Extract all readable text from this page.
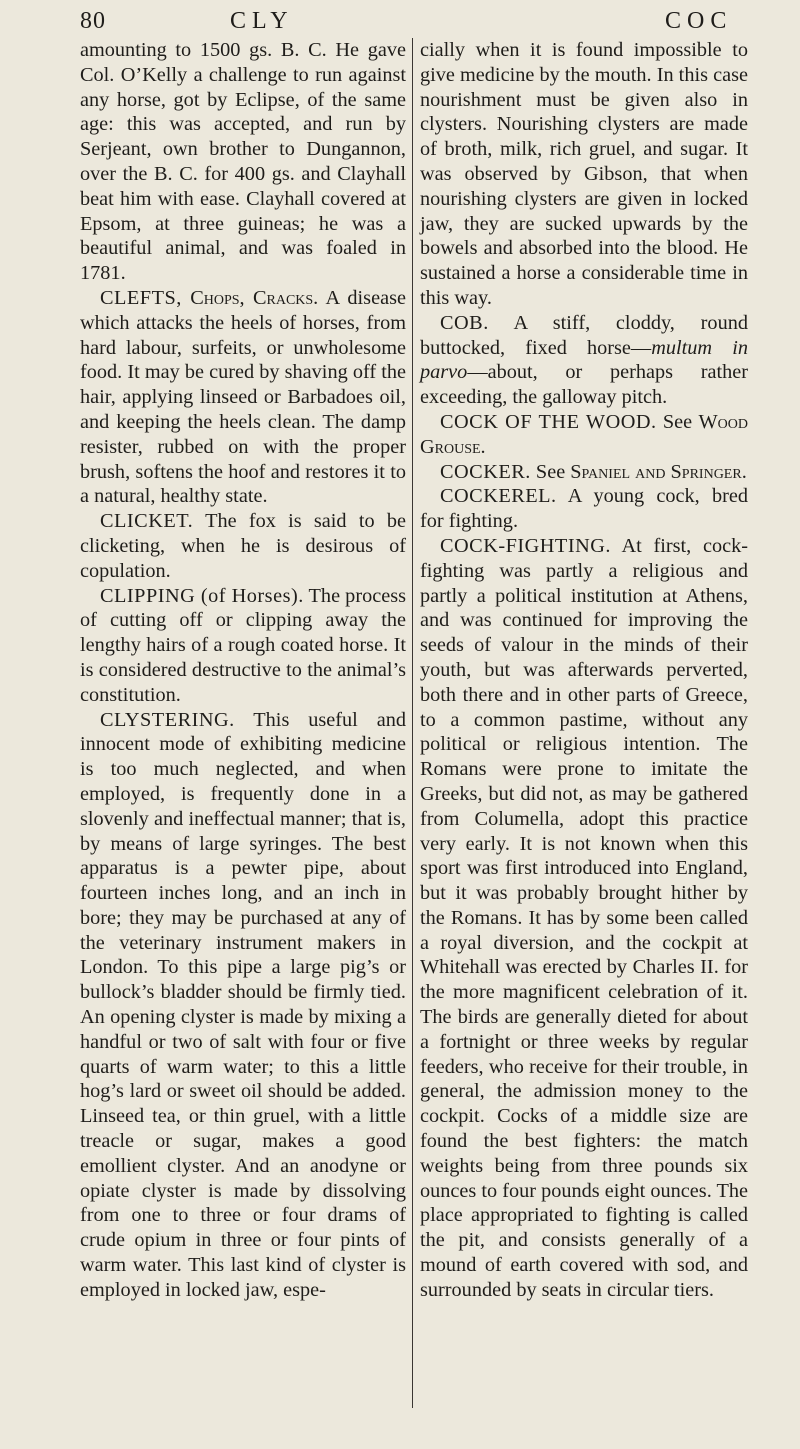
80	CLY	COC

amounting to 1500 gs. B. C. He gave Col. O’Kelly a challenge to run against any horse, got by Eclipse, of the same age: this was accepted, and run by Serjeant, own brother to Dungannon, over the B. C. for 400 gs. and Clayhall beat him with ease. Clayhall covered at Epsom, at three guineas; he was a beautiful animal, and was foaled in 1781.

CLEFTS, Chops, Cracks. A disease which attacks the heels of horses, from hard labour, surfeits, or unwholesome food. It may be cured by shaving off the hair, applying linseed or Barbadoes oil, and keeping the heels clean. The damp resister, rubbed on with the proper brush, softens the hoof and restores it to a natural, healthy state.

CLICKET. The fox is said to be clicketing, when he is desirous of copulation.

CLIPPING (of Horses). The process of cutting off or clipping away the lengthy hairs of a rough coated horse. It is considered destructive to the animal’s constitution.

CLYSTERING. This useful and innocent mode of exhibiting medicine is too much neglected, and when employed, is frequently done in a slovenly and ineffectual manner; that is, by means of large syringes. The best apparatus is a pewter pipe, about fourteen inches long, and an inch in bore; they may be purchased at any of the veterinary instrument makers in London. To this pipe a large pig’s or bullock’s bladder should be firmly tied. An opening clyster is made by mixing a handful or two of salt with four or five quarts of warm water; to this a little hog’s lard or sweet oil should be added. Linseed tea, or thin gruel, with a little treacle or sugar, makes a good emollient clyster. And an anodyne or opiate clyster is made by dissolving from one to three or four drams of crude opium in three or four pints of warm water. This last kind of clyster is employed in locked jaw, espe-

cially when it is found impossible to give medicine by the mouth. In this case nourishment must be given also in clysters. Nourishing clysters are made of broth, milk, rich gruel, and sugar. It was observed by Gibson, that when nourishing clysters are given in locked jaw, they are sucked upwards by the bowels and absorbed into the blood. He sustained a horse a considerable time in this way.

COB. A stiff, cloddy, round buttocked, fixed horse—multum in parvo—about, or perhaps rather exceeding, the galloway pitch.

COCK OF THE WOOD. See Wood Grouse.

COCKER. See Spaniel and Springer.

COCKEREL. A young cock, bred for fighting.

COCK-FIGHTING. At first, cock-fighting was partly a religious and partly a political institution at Athens, and was continued for improving the seeds of valour in the minds of their youth, but was afterwards perverted, both there and in other parts of Greece, to a common pastime, without any political or religious intention. The Romans were prone to imitate the Greeks, but did not, as may be gathered from Columella, adopt this practice very early. It is not known when this sport was first introduced into England, but it was probably brought hither by the Romans. It has by some been called a royal diversion, and the cockpit at Whitehall was erected by Charles II. for the more magnificent celebration of it. The birds are generally dieted for about a fortnight or three weeks by regular feeders, who receive for their trouble, in general, the admission money to the cockpit. Cocks of a middle size are found the best fighters: the match weights being from three pounds six ounces to four pounds eight ounces. The place appropriated to fighting is called the pit, and consists generally of a mound of earth covered with sod, and surrounded by seats in circular tiers.
